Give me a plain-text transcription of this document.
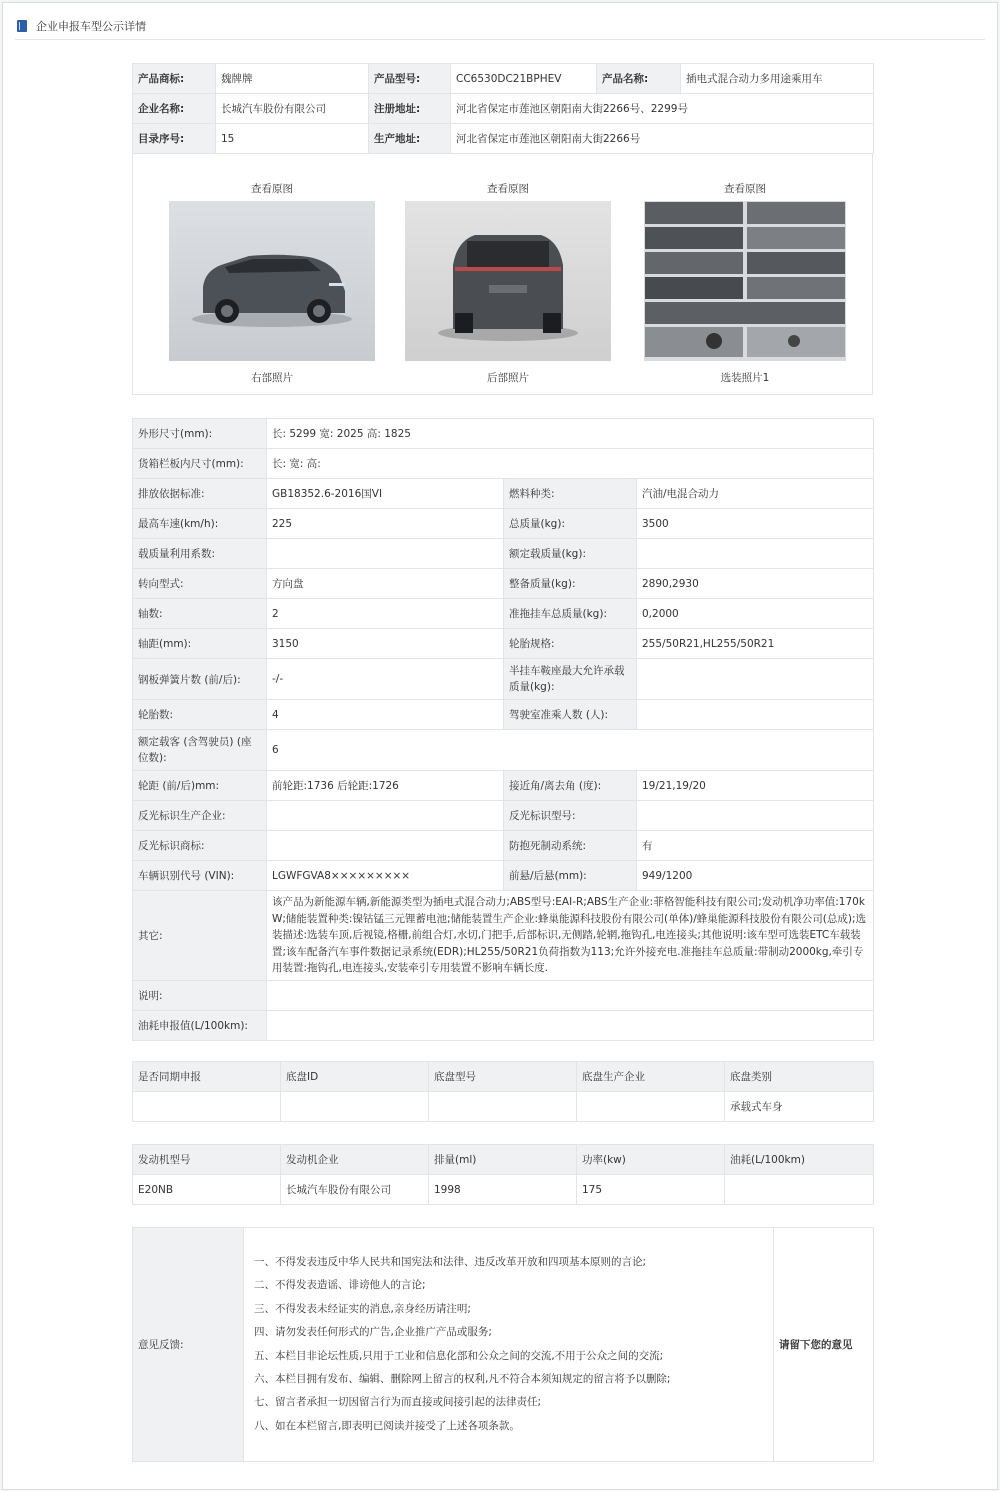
企业申报车型公示详情
产品商标:	魏牌牌	产品型号:	CC6530DC21BPHEV	产品名称:	插电式混合动力多用途乘用车
企业名称:	长城汽车股份有限公司	注册地址:	河北省保定市莲池区朝阳南大街2266号、2299号		
目录序号:	15	生产地址:	河北省保定市莲池区朝阳南大街2266号		
查看原图
右部照片
查看原图
后部照片
查看原图
选装照片1
外形尺寸(mm):	长: 5299 宽: 2025 高: 1825		
货箱栏板内尺寸(mm):	长: 宽: 高:		
排放依据标准:	GB18352.6-2016国VI	燃料种类:	汽油/电混合动力
最高车速(km/h):	225	总质量(kg):	3500
载质量利用系数:		额定载质量(kg):	
转向型式:	方向盘	整备质量(kg):	2890,2930
轴数:	2	准拖挂车总质量(kg):	0,2000
轴距(mm):	3150	轮胎规格:	255/50R21,HL255/50R21
钢板弹簧片数 (前/后):	-/-	半挂车鞍座最大允许承载质量(kg):	
轮胎数:	4	驾驶室准乘人数 (人):	
额定载客 (含驾驶员) (座位数):	6		
轮距 (前/后)mm:	前轮距:1736 后轮距:1726	接近角/离去角 (度):	19/21,19/20
反光标识生产企业:		反光标识型号:	
反光标识商标:		防抱死制动系统:	有
车辆识别代号 (VIN):	LGWFGVA8×××××××××	前悬/后悬(mm):	949/1200
其它:	该产品为新能源车辆,新能源类型为插电式混合动力;ABS型号:EAI-R;ABS生产企业:菲格智能科技有限公司;发动机净功率值:170kW;储能装置种类:镍钴锰三元锂蓄电池;储能装置生产企业:蜂巢能源科技股份有限公司(单体)/蜂巢能源科技股份有限公司(总成);选装描述:选装车顶,后视镜,格栅,前组合灯,水切,门把手,后部标识,无侧踏,轮辋,拖钩孔,电连接头;其他说明:该车型可选装ETC车载装置;该车配备汽车事件数据记录系统(EDR);HL255/50R21负荷指数为113;允许外接充电.准拖挂车总质量:带制动2000kg,牵引专用装置:拖钩孔,电连接头,安装牵引专用装置不影响车辆长度.		
说明:			
油耗申报值(L/100km):			
是否同期申报	底盘ID	底盘型号	底盘生产企业	底盘类别
				承载式车身
发动机型号	发动机企业	排量(ml)	功率(kw)	油耗(L/100km)
E20NB	长城汽车股份有限公司	1998	175	
意见反馈:	
一、不得发表违反中华人民共和国宪法和法律、违反改革开放和四项基本原则的言论;
二、不得发表造谣、诽谤他人的言论;
三、不得发表未经证实的消息,亲身经历请注明;
四、请勿发表任何形式的广告,企业推广产品或服务;
五、本栏目非论坛性质,只用于工业和信息化部和公众之间的交流,不用于公众之间的交流;
六、本栏目拥有发布、编辑、删除网上留言的权利,凡不符合本须知规定的留言将予以删除;
七、留言者承担一切因留言行为而直接或间接引起的法律责任;
八、如在本栏留言,即表明已阅读并接受了上述各项条款。
	请留下您的意见
